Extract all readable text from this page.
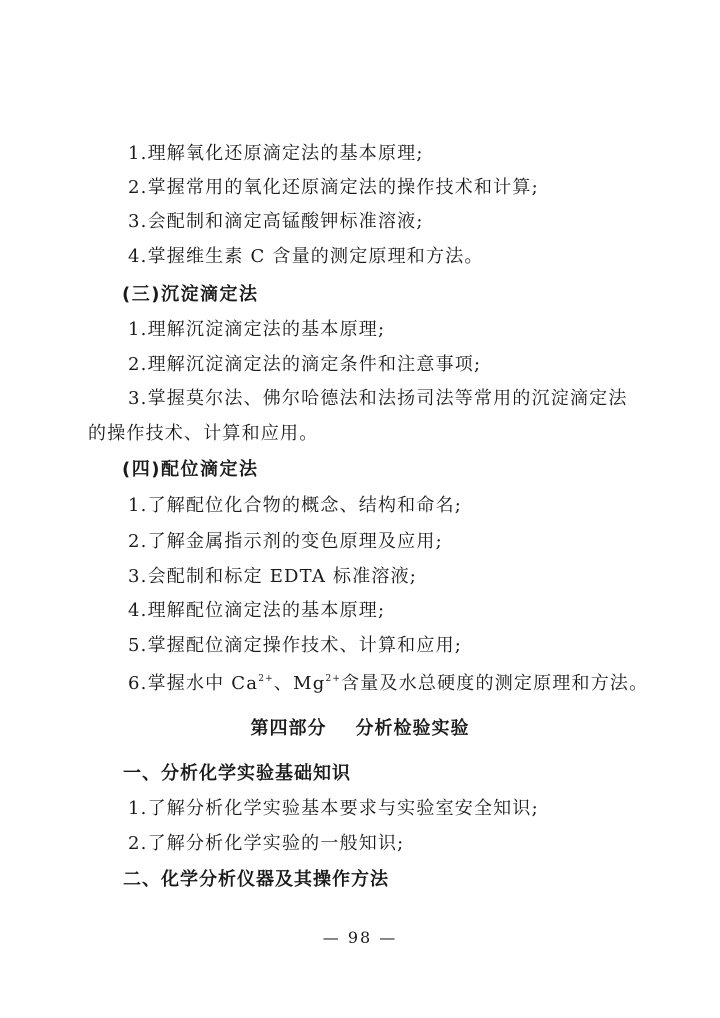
1.理解氧化还原滴定法的基本原理;
2.掌握常用的氧化还原滴定法的操作技术和计算;
3.会配制和滴定高锰酸钾标准溶液;
4.掌握维生素 C 含量的测定原理和方法。
(三)沉淀滴定法
1.理解沉淀滴定法的基本原理;
2.理解沉淀滴定法的滴定条件和注意事项;
3.掌握莫尔法、佛尔哈德法和法扬司法等常用的沉淀滴定法
的操作技术、计算和应用。
(四)配位滴定法
1.了解配位化合物的概念、结构和命名;
2.了解金属指示剂的变色原理及应用;
3.会配制和标定 EDTA 标准溶液;
4.理解配位滴定法的基本原理;
5.掌握配位滴定操作技术、计算和应用;
6.掌握水中 $Ca^{2+}$、$Mg^{2+}$含量及水总硬度的测定原理和方法。
第四部分    分析检验实验
一、分析化学实验基础知识
1.了解分析化学实验基本要求与实验室安全知识;
2.了解分析化学实验的一般知识;
二、化学分析仪器及其操作方法
— 98 —
